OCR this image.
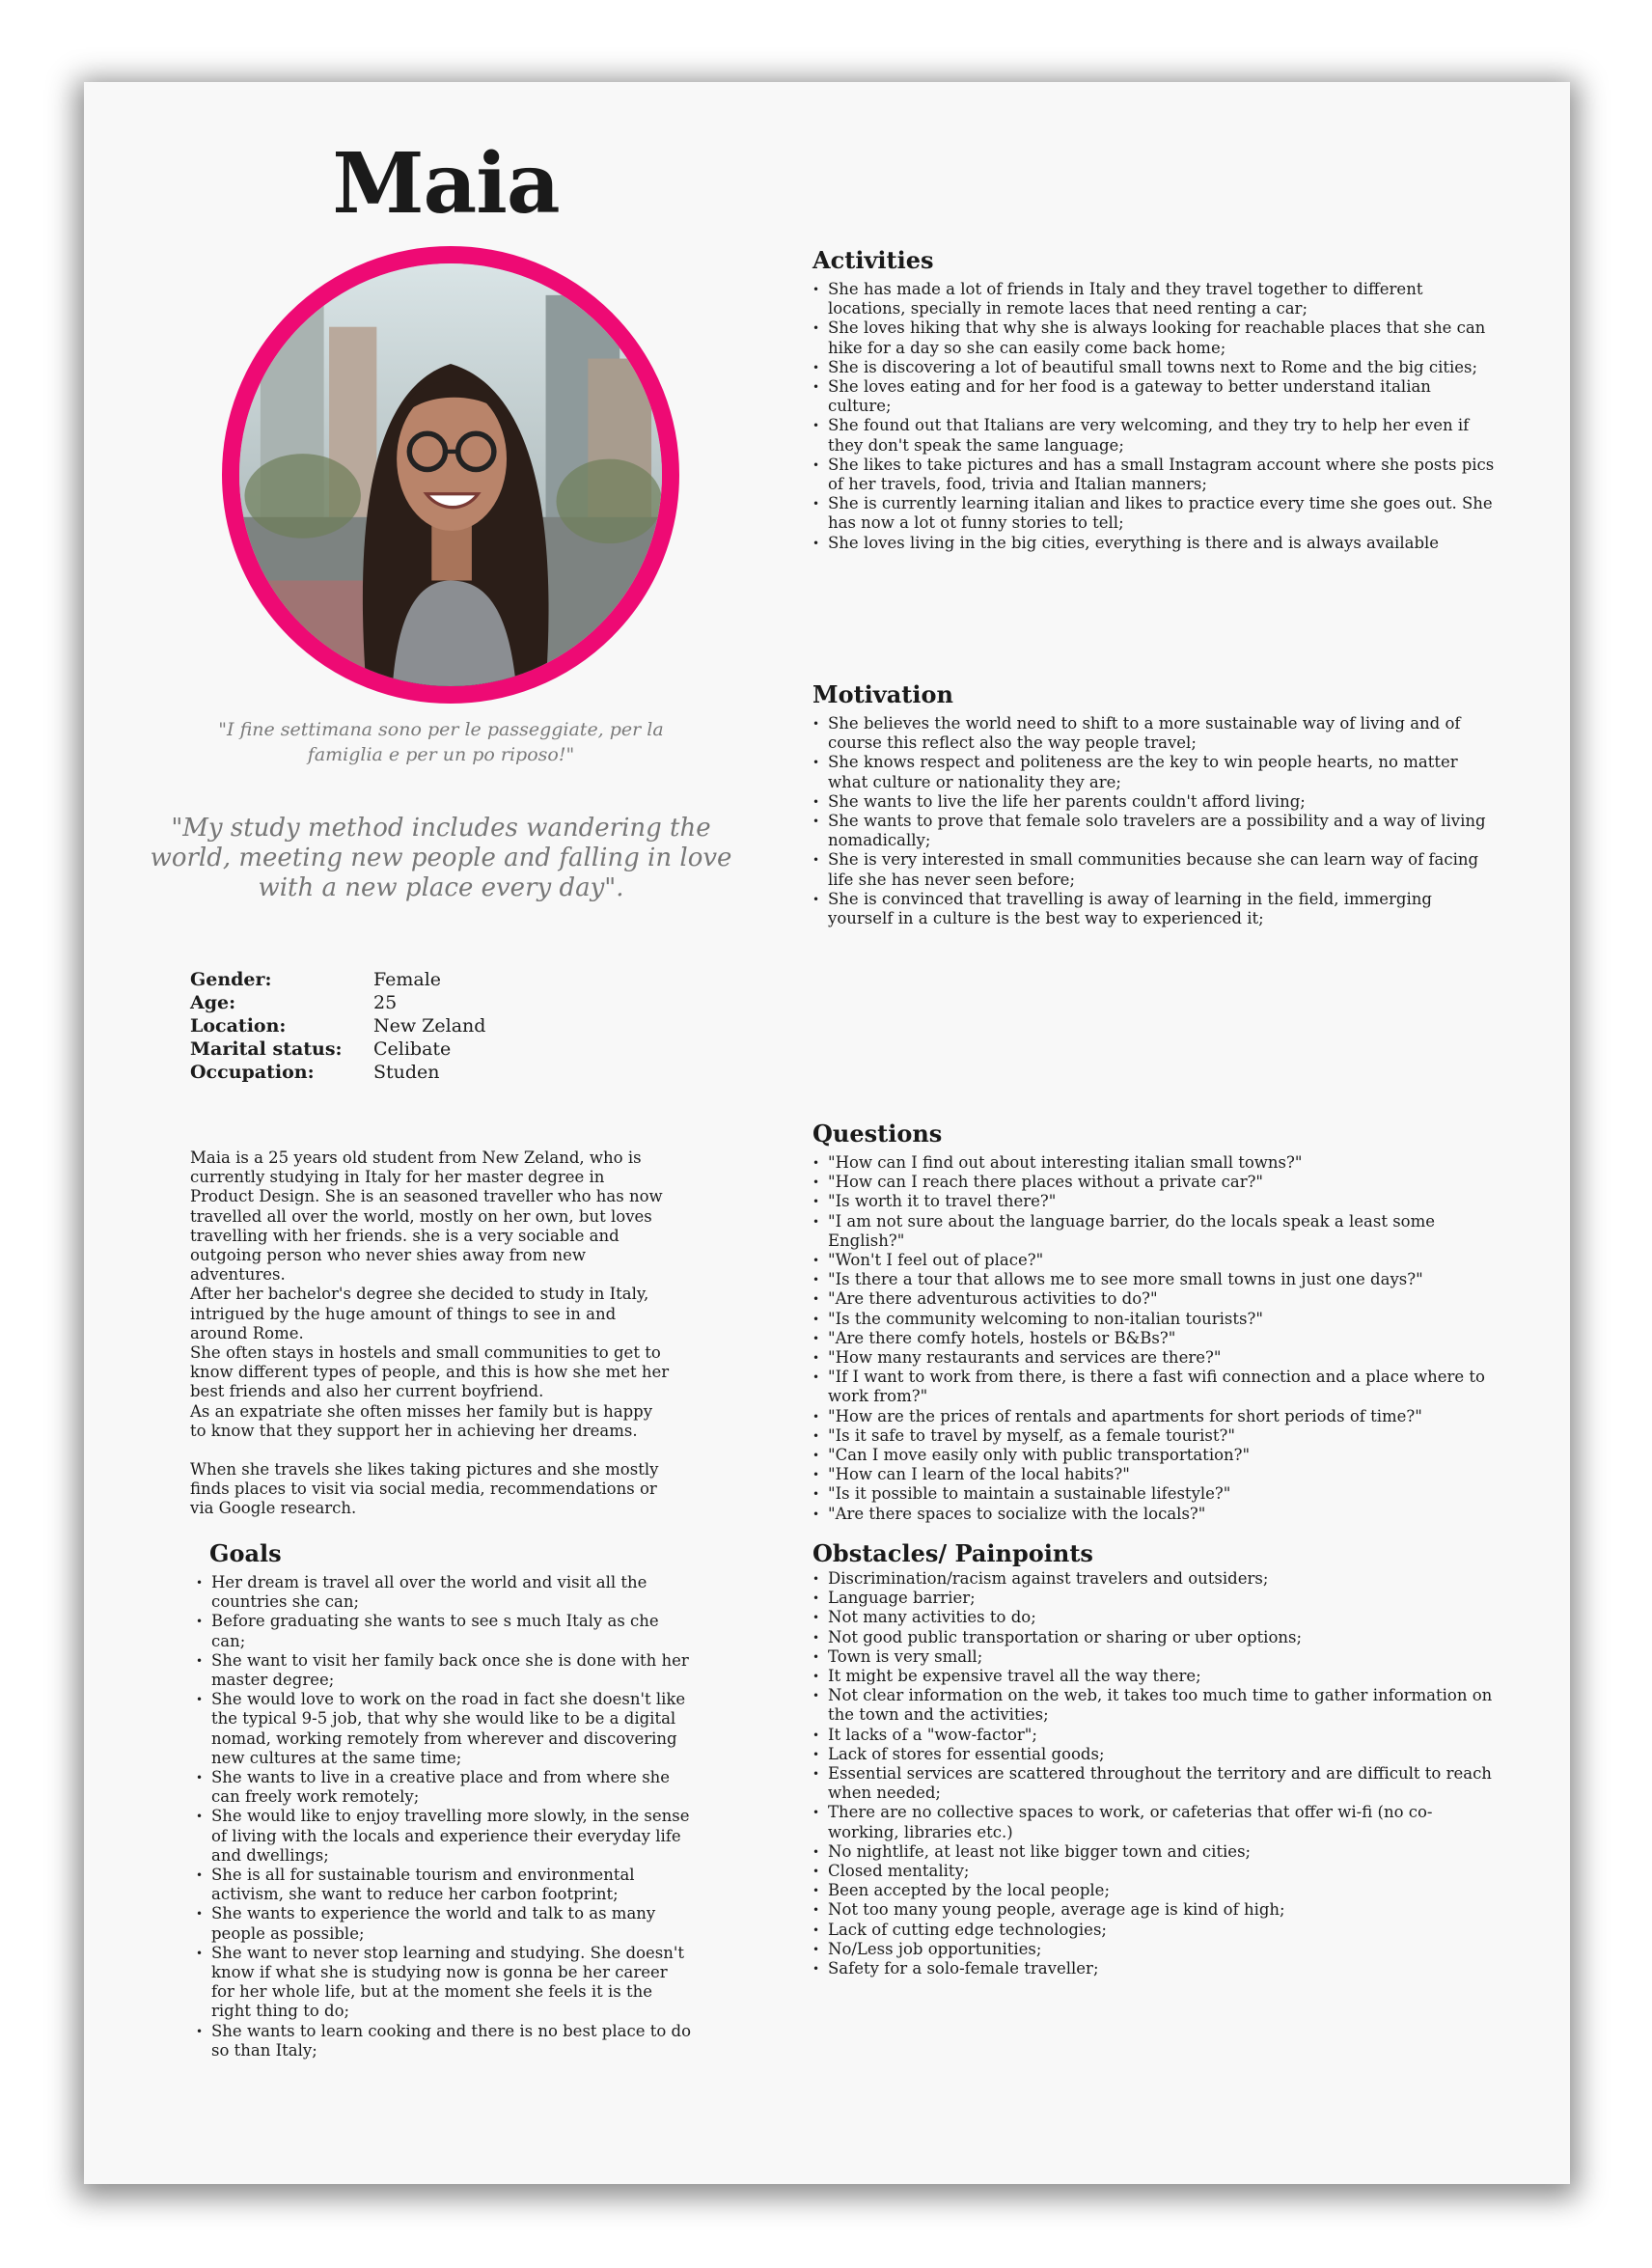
Maia
"I fine settimana sono per le passeggiate, per la famiglia e per un po riposo!"
"My study method includes wandering the world, meeting new people and falling in love with a new place every day".
Gender:	Female
Age:	25
Location:	New Zeland
Marital status:	Celibate
Occupation:	Studen

Maia is a 25 years old student from New Zeland, who is currently studying in Italy for her master degree in Product Design. She is an seasoned traveller who has now travelled all over the world, mostly on her own, but loves travelling with her friends. she is a very sociable and outgoing person who never shies away from new adventures.

After her bachelor's degree she decided to study in Italy, intrigued by the huge amount of things to see in and around Rome.

She often stays in hostels and small communities to get to know different types of people, and this is how she met her best friends and also her current boyfriend.

As an expatriate she often misses her family but is happy to know that they support her in achieving her dreams.

When she travels she likes taking pictures and she mostly finds places to visit via social media, recommendations or via Google research.

Goals
• Her dream is travel all over the world and visit all the countries she can;
• Before graduating she wants to see s much Italy as che can;
• She want to visit her family back once she is done with her master degree;
• She would love to work on the road in fact she doesn't like the typical 9-5 job, that why she would like to be a digital nomad, working remotely from wherever and discovering new cultures at the same time;
• She wants to live in a creative place and from where she can freely work remotely;
• She would like to enjoy travelling more slowly, in the sense of living with the locals and experience their everyday life and dwellings;
• She is all for sustainable tourism and environmental activism, she want to reduce her carbon footprint;
• She wants to experience the world and talk to as many people as possible;
• She want to never stop learning and studying. She doesn't know if what she is studying now is gonna be her career for her whole life, but at the moment she feels it is the right thing to do;
• She wants to learn cooking and there is no best place to do so than Italy;
Activities
• She has made a lot of friends in Italy and they travel together to different locations, specially in remote laces that need renting a car;
• She loves hiking that why she is always looking for reachable places that she can hike for a day so she can easily come back home;
• She is discovering a lot of beautiful small towns next to Rome and the big cities;
• She loves eating and for her food is a gateway to better understand italian culture;
• She found out that Italians are very welcoming, and they try to help her even if they don't speak the same language;
• She likes to take pictures and has a small Instagram account where she posts pics of her travels, food, trivia and Italian manners;
• She is currently learning italian and likes to practice every time she goes out. She has now a lot ot funny stories to tell;
• She loves living in the big cities, everything is there and is always available
Motivation
• She believes the world need to shift to a more sustainable way of living and of course this reflect also the way people travel;
• She knows respect and politeness are the key to win people hearts, no matter what culture or nationality they are;
• She wants to live the life her parents couldn't afford living;
• She wants to prove that female solo travelers are a possibility and a way of living nomadically;
• She is very interested in small communities because she can learn way of facing life she has never seen before;
• She is convinced that travelling is away of learning in the field, immerging yourself in a culture is the best way to experienced it;
Questions
• "How can I find out about interesting italian small towns?"
• "How can I reach there places without a private car?"
• "Is worth it to travel there?"
• "I am not sure about the language barrier, do the locals speak a least some English?"
• "Won't I feel out of place?"
• "Is there a tour that allows me to see more small towns in just one days?"
• "Are there adventurous activities to do?"
• "Is the community welcoming to non-italian tourists?"
• "Are there comfy hotels, hostels or B&Bs?"
• "How many restaurants and services are there?"
• "If I want to work from there, is there a fast wifi connection and a place where to work from?"
• "How are the prices of rentals and apartments for short periods of time?"
• "Is it safe to travel by myself, as a female tourist?"
• "Can I move easily only with public transportation?"
• "How can I learn of the local habits?"
• "Is it possible to maintain a sustainable lifestyle?"
• "Are there spaces to socialize with the locals?"
Obstacles/ Painpoints
• Discrimination/racism against travelers and outsiders;
• Language barrier;
• Not many activities to do;
• Not good public transportation or sharing or uber options;
• Town is very small;
• It might be expensive travel all the way there;
• Not clear information on the web, it takes too much time to gather information on the town and the activities;
• It lacks of a "wow-factor";
• Lack of stores for essential goods;
• Essential services are scattered throughout the territory and are difficult to reach when needed;
• There are no collective spaces to work, or cafeterias that offer wi-fi (no co-working, libraries etc.)
• No nightlife, at least not like bigger town and cities;
• Closed mentality;
• Been accepted by the local people;
• Not too many young people, average age is kind of high;
• Lack of cutting edge technologies;
• No/Less job opportunities;
• Safety for a solo-female traveller;
